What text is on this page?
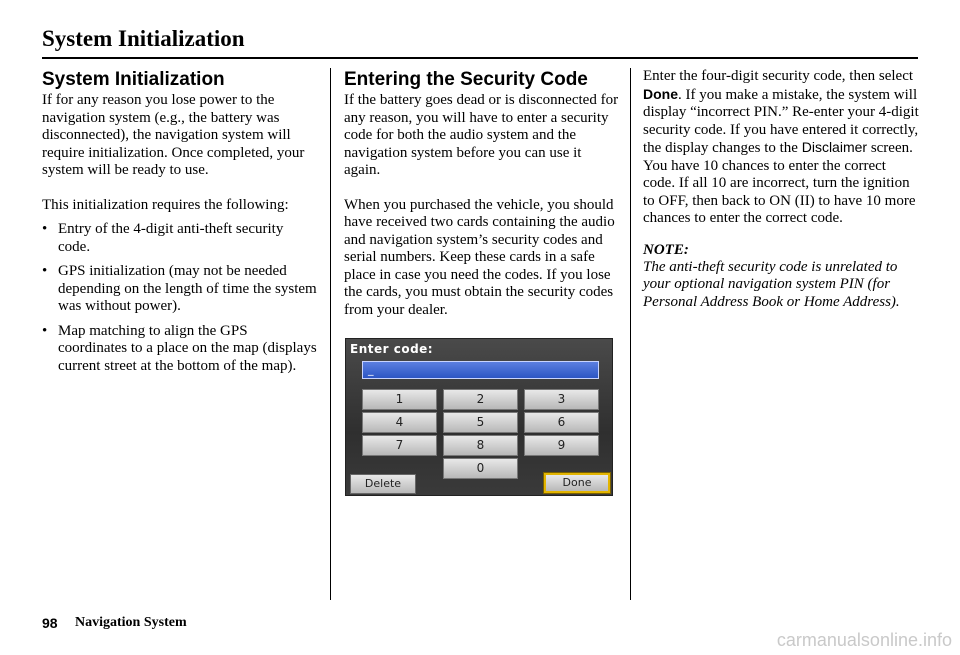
System Initialization
System Initialization

If for any reason you lose power to the navigation system (e.g., the battery was disconnected), the navigation system will require initialization. Once completed, your system will be ready to use.

This initialization requires the following:

• Entry of the 4-digit anti-theft security code.
• GPS initialization (may not be needed depending on the length of time the system was without power).
• Map matching to align the GPS coordinates to a place on the map (displays current street at the bottom of the map).
Entering the Security Code

If the battery goes dead or is disconnected for any reason, you will have to enter a security code for both the audio system and the navigation system before you can use it again.

When you purchased the vehicle, you should have received two cards containing the audio and navigation system’s security codes and serial numbers. Keep these cards in a safe place in case you need the codes. If you lose the cards, you must obtain the security codes from your dealer.

Enter code:
_
1	2	3
4	5	6
7	8	9
0
Delete	Done

Enter the four-digit security code, then select Done. If you make a mistake, the system will display “incorrect PIN.” Re-enter your 4-digit security code. If you have entered it correctly, the display changes to the Disclaimer screen. You have 10 chances to enter the correct code. If all 10 are incorrect, turn the ignition to OFF, then back to ON (II) to have 10 more chances to enter the correct code.

NOTE:

The anti-theft security code is unrelated to your optional navigation system PIN (for Personal Address Book or Home Address).

98 Navigation System
carmanualsonline.info
